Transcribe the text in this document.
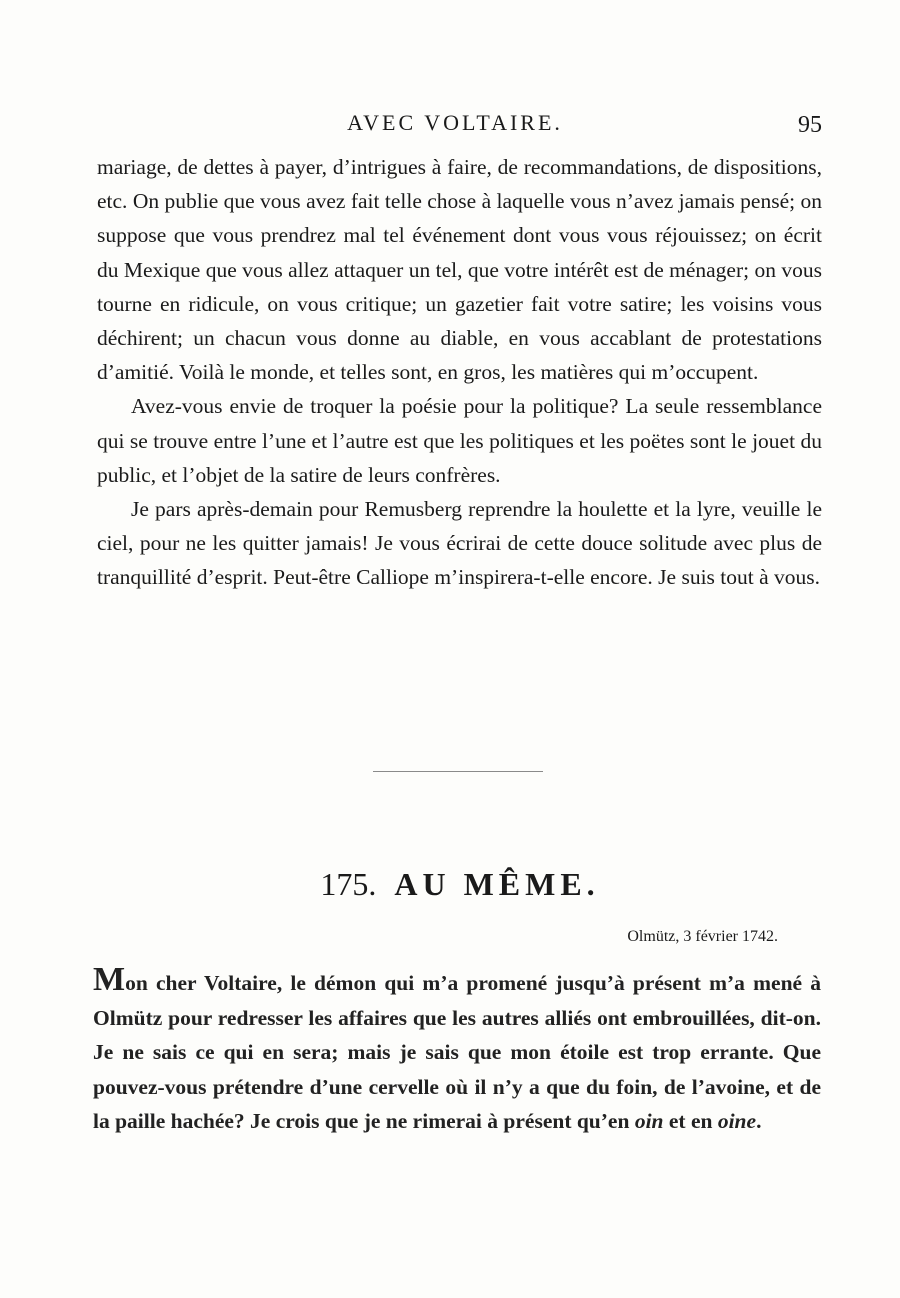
AVEC VOLTAIRE.	95

mariage, de dettes à payer, d’intrigues à faire, de recommandations, de dispositions, etc. On publie que vous avez fait telle chose à laquelle vous n’avez jamais pensé; on suppose que vous prendrez mal tel événement dont vous vous réjouissez; on écrit du Mexique que vous allez attaquer un tel, que votre intérêt est de ménager; on vous tourne en ridicule, on vous critique; un gazetier fait votre satire; les voisins vous déchirent; un chacun vous donne au diable, en vous accablant de protestations d’amitié. Voilà le monde, et telles sont, en gros, les matières qui m’occupent.

Avez-vous envie de troquer la poésie pour la politique? La seule ressemblance qui se trouve entre l’une et l’autre est que les politiques et les poëtes sont le jouet du public, et l’objet de la satire de leurs confrères.

Je pars après-demain pour Remusberg reprendre la houlette et la lyre, veuille le ciel, pour ne les quitter jamais! Je vous écrirai de cette douce solitude avec plus de tranquillité d’esprit. Peut-être Calliope m’inspirera-t-elle encore. Je suis tout à vous.

175. AU MÊME.
Olmütz, 3 février 1742.

Mon cher Voltaire, le démon qui m’a promené jusqu’à présent m’a mené à Olmütz pour redresser les affaires que les autres alliés ont embrouillées, dit-on. Je ne sais ce qui en sera; mais je sais que mon étoile est trop errante. Que pouvez-vous prétendre d’une cervelle où il n’y a que du foin, de l’avoine, et de la paille hachée? Je crois que je ne rimerai à présent qu’en oin et en oine.
